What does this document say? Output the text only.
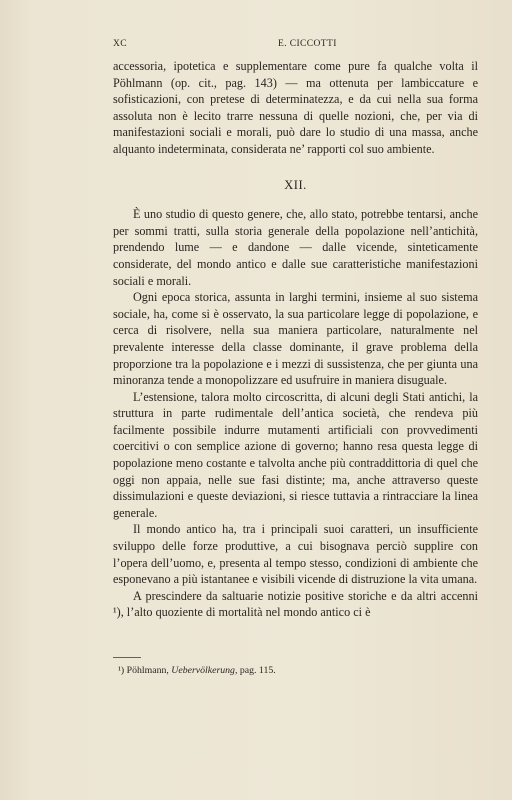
XC	E. CICCOTTI

accessoria, ipotetica e supplementare come pure fa qualche volta il Pöhlmann (op. cit., pag. 143) — ma ottenuta per lambiccature e sofisticazioni, con pretese di determinatezza, e da cui nella sua forma assoluta non è lecito trarre nessuna di quelle nozioni, che, per via di manifestazioni sociali e morali, può dare lo studio di una massa, anche alquanto indeterminata, considerata ne’ rapporti col suo ambiente.

XII.

È uno studio di questo genere, che, allo stato, potrebbe tentarsi, anche per sommi tratti, sulla storia generale della popolazione nell’antichità, prendendo lume — e dandone — dalle vicende, sinteticamente considerate, del mondo antico e dalle sue caratteristiche manifestazioni sociali e morali.

Ogni epoca storica, assunta in larghi termini, insieme al suo sistema sociale, ha, come si è osservato, la sua particolare legge di popolazione, e cerca di risolvere, nella sua maniera particolare, naturalmente nel prevalente interesse della classe dominante, il grave problema della proporzione tra la popolazione e i mezzi di sussistenza, che per giunta una minoranza tende a monopolizzare ed usufruire in maniera disuguale.

L’estensione, talora molto circoscritta, di alcuni degli Stati antichi, la struttura in parte rudimentale dell’antica società, che rendeva più facilmente possibile indurre mutamenti artificiali con provvedimenti coercitivi o con semplice azione di governo; hanno resa questa legge di popolazione meno costante e talvolta anche più contraddittoria di quel che oggi non appaia, nelle sue fasi distinte; ma, anche attraverso queste dissimulazioni e queste deviazioni, si riesce tuttavia a rintracciare la linea generale.

Il mondo antico ha, tra i principali suoi caratteri, un insufficiente sviluppo delle forze produttive, a cui bisognava perciò supplire con l’opera dell’uomo, e, presenta al tempo stesso, condizioni di ambiente che esponevano a più istantanee e visibili vicende di distruzione la vita umana.

A prescindere da saltuarie notizie positive storiche e da altri accenni ¹), l’alto quoziente di mortalità nel mondo antico ci è

¹) Pöhlmann, Uebervölkerung, pag. 115.
